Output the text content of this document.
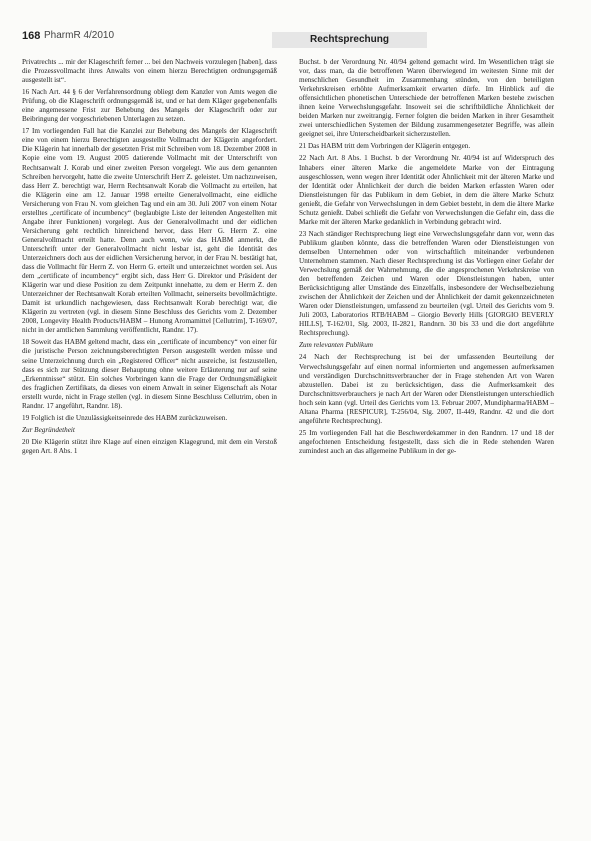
168 PharmR 4/2010	Rechtsprechung

Privatrechts ... mir der Klageschrift ferner ... bei den Nachweis vorzulegen [haben], dass die Prozessvollmacht ihres Anwalts von einem hierzu Berechtigten ordnungsgemäß ausgestellt ist“.

16 Nach Art. 44 § 6 der Verfahrensordnung obliegt dem Kanzler von Amts wegen die Prüfung, ob die Klageschrift ordnungsgemäß ist, und er hat dem Kläger gegebenenfalls eine angemessene Frist zur Behebung des Mangels der Klageschrift oder zur Beibringung der vorgeschriebenen Unterlagen zu setzen.

17 Im vorliegenden Fall hat die Kanzlei zur Behebung des Mangels der Klageschrift eine von einem hierzu Berechtigten ausgestellte Vollmacht der Klägerin angefordert. Die Klägerin hat innerhalb der gesetzten Frist mit Schreiben vom 18. Dezember 2008 in Kopie eine vom 19. August 2005 datierende Vollmacht mit der Unterschrift von Rechtsanwalt J. Korab und einer zweiten Person vorgelegt. Wie aus dem genannten Schreiben hervorgeht, hatte die zweite Unterschrift Herr Z. geleistet. Um nachzuweisen, dass Herr Z. berechtigt war, Herrn Rechtsanwalt Korab die Vollmacht zu erteilen, hat die Klägerin eine am 12. Januar 1998 erteilte Generalvollmacht, eine eidliche Versicherung von Frau N. vom gleichen Tag und ein am 30. Juli 2007 von einem Notar erstelltes „certificate of incumbency“ (beglaubigte Liste der leitenden Angestellten mit Angabe ihrer Funktionen) vorgelegt. Aus der Generalvollmacht und der eidlichen Versicherung geht rechtlich hinreichend hervor, dass Herr G. Herrn Z. eine Generalvollmacht erteilt hatte. Denn auch wenn, wie das HABM anmerkt, die Unterschrift unter der Generalvollmacht nicht lesbar ist, geht die Identität des Unterzeichners doch aus der eidlichen Versicherung hervor, in der Frau N. bestätigt hat, dass die Vollmacht für Herrn Z. von Herrn G. erteilt und unterzeichnet worden sei. Aus dem „certificate of incumbency“ ergibt sich, dass Herr G. Direktor und Präsident der Klägerin war und diese Position zu dem Zeitpunkt innehatte, zu dem er Herrn Z. den Unterzeichner der Rechtsanwalt Korab erteilten Vollmacht, seinerseits bevollmächtigte. Damit ist urkundlich nachgewiesen, dass Rechtsanwalt Korab berechtigt war, die Klägerin zu vertreten (vgl. in diesem Sinne Beschluss des Gerichts vom 2. Dezember 2008, Longevity Health Products/HABM – Hunong Aromamittel [Cellutrim], T-169/07, nicht in der amtlichen Sammlung veröffentlicht, Randnr. 17).

18 Soweit das HABM geltend macht, dass ein „certificate of incumbency“ von einer für die juristische Person zeichnungsberechtigten Person ausgestellt werden müsse und seine Unterzeichnung durch ein „Registered Officer“ nicht ausreiche, ist festzustellen, dass es sich zur Stützung dieser Behauptung ohne weitere Erläuterung nur auf seine „Erkenntnisse“ stützt. Ein solches Vorbringen kann die Frage der Ordnungsmäßigkeit des fraglichen Zertifikats, da dieses von einem Anwalt in seiner Eigenschaft als Notar erstellt wurde, nicht in Frage stellen (vgl. in diesem Sinne Beschluss Cellutrim, oben in Randnr. 17 angeführt, Randnr. 18).

19 Folglich ist die Unzulässigkeitseinrede des HABM zurückzuweisen.

Zur Begründetheit

20 Die Klägerin stützt ihre Klage auf einen einzigen Klagegrund, mit dem ein Verstoß gegen Art. 8 Abs. 1

Buchst. b der Verordnung Nr. 40/94 geltend gemacht wird. Im Wesentlichen trägt sie vor, dass man, da die betroffenen Waren überwiegend im weitesten Sinne mit der menschlichen Gesundheit im Zusammenhang stünden, von den beteiligten Verkehrskreisen erhöhte Aufmerksamkeit erwarten dürfe. Im Hinblick auf die offensichtlichen phonetischen Unterschiede der betroffenen Marken bestehe zwischen ihnen keine Verwechslungsgefahr. Insoweit sei die schriftbildliche Ähnlichkeit der beiden Marken nur zweitrangig. Ferner folgten die beiden Marken in ihrer Gesamtheit zwei unterschiedlichen Systemen der Bildung zusammengesetzter Begriffe, was allein geeignet sei, ihre Unterscheidbarkeit sicherzustellen.

21 Das HABM tritt dem Vorbringen der Klägerin entgegen.

22 Nach Art. 8 Abs. 1 Buchst. b der Verordnung Nr. 40/94 ist auf Widerspruch des Inhabers einer älteren Marke die angemeldete Marke von der Eintragung ausgeschlossen, wenn wegen ihrer Identität oder Ähnlichkeit mit der älteren Marke und der Identität oder Ähnlichkeit der durch die beiden Marken erfassten Waren oder Dienstleistungen für das Publikum in dem Gebiet, in dem die ältere Marke Schutz genießt, die Gefahr von Verwechslungen in dem Gebiet besteht, in dem die ältere Marke Schutz genießt. Dabei schließt die Gefahr von Verwechslungen die Gefahr ein, dass die Marke mit der älteren Marke gedanklich in Verbindung gebracht wird.

23 Nach ständiger Rechtsprechung liegt eine Verwechslungsgefahr dann vor, wenn das Publikum glauben könnte, dass die betreffenden Waren oder Dienstleistungen von demselben Unternehmen oder von wirtschaftlich miteinander verbundenen Unternehmen stammen. Nach dieser Rechtsprechung ist das Vorliegen einer Gefahr der Verwechslung gemäß der Wahrnehmung, die die angesprochenen Verkehrskreise von den betreffenden Zeichen und Waren oder Dienstleistungen haben, unter Berücksichtigung aller Umstände des Einzelfalls, insbesondere der Wechselbeziehung zwischen der Ähnlichkeit der Zeichen und der Ähnlichkeit der damit gekennzeichneten Waren oder Dienstleistungen, umfassend zu beurteilen (vgl. Urteil des Gerichts vom 9. Juli 2003, Laboratorios RTB/HABM – Giorgio Beverly Hills [GIORGIO BEVERLY HILLS], T-162/01, Slg. 2003, II-2821, Randnrn. 30 bis 33 und die dort angeführte Rechtsprechung).

Zum relevanten Publikum

24 Nach der Rechtsprechung ist bei der umfassenden Beurteilung der Verwechslungsgefahr auf einen normal informierten und angemessen aufmerksamen und verständigen Durchschnittsverbraucher der in Frage stehenden Art von Waren abzustellen. Dabei ist zu berücksichtigen, dass die Aufmerksamkeit des Durchschnittsverbrauchers je nach Art der Waren oder Dienstleistungen unterschiedlich hoch sein kann (vgl. Urteil des Gerichts vom 13. Februar 2007, Mundipharma/HABM – Altana Pharma [RESPICUR], T-256/04, Slg. 2007, II-449, Randnr. 42 und die dort angeführte Rechtsprechung).

25 Im vorliegenden Fall hat die Beschwerdekammer in den Randnrn. 17 und 18 der angefochtenen Entscheidung festgestellt, dass sich die in Rede stehenden Waren zumindest auch an das allgemeine Publikum in der ge-
